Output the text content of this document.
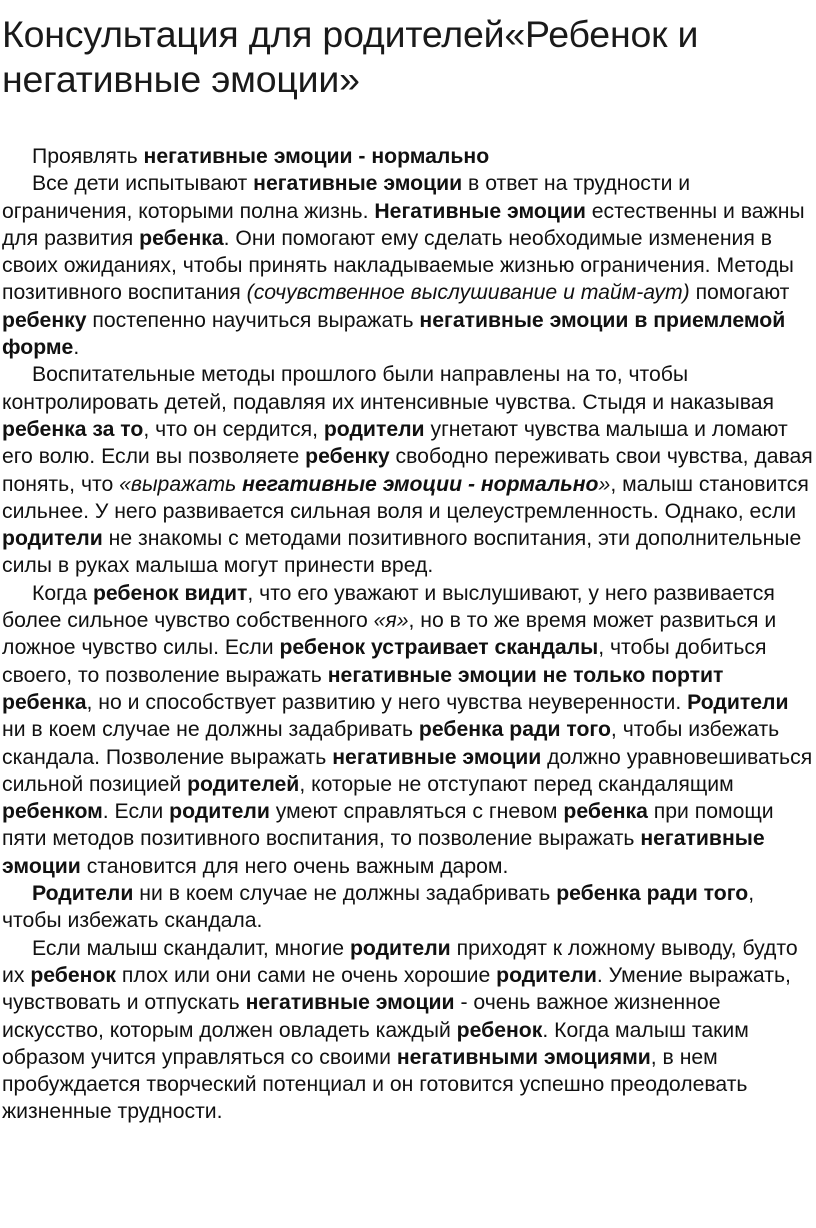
Консультация для родителей«Ребенок и негативные эмоции»

Проявлять негативные эмоции - нормально

Все дети испытывают негативные эмоции в ответ на трудности и ограничения, которыми полна жизнь. Негативные эмоции естественны и важны для развития ребенка. Они помогают ему сделать необходимые изменения в своих ожиданиях, чтобы принять накладываемые жизнью ограничения. Методы позитивного воспитания (сочувственное выслушивание и тайм-аут) помогают ребенку постепенно научиться выражать негативные эмоции в приемлемой форме.

Воспитательные методы прошлого были направлены на то, чтобы контролировать детей, подавляя их интенсивные чувства. Стыдя и наказывая ребенка за то, что он сердится, родители угнетают чувства малыша и ломают его волю. Если вы позволяете ребенку свободно переживать свои чувства, давая понять, что «выражать негативные эмоции - нормально», малыш становится сильнее. У него развивается сильная воля и целеустремленность. Однако, если родители не знакомы с методами позитивного воспитания, эти дополнительные силы в руках малыша могут принести вред.

Когда ребенок видит, что его уважают и выслушивают, у него развивается более сильное чувство собственного «я», но в то же время может развиться и ложное чувство силы. Если ребенок устраивает скандалы, чтобы добиться своего, то позволение выражать негативные эмоции не только портит ребенка, но и способствует развитию у него чувства неуверенности. Родители ни в коем случае не должны задабривать ребенка ради того, чтобы избежать скандала. Позволение выражать негативные эмоции должно уравновешиваться сильной позицией родителей, которые не отступают перед скандалящим ребенком. Если родители умеют справляться с гневом ребенка при помощи пяти методов позитивного воспитания, то позволение выражать негативные эмоции становится для него очень важным даром.

Родители ни в коем случае не должны задабривать ребенка ради того, чтобы избежать скандала.

Если малыш скандалит, многие родители приходят к ложному выводу, будто их ребенок плох или они сами не очень хорошие родители. Умение выражать, чувствовать и отпускать негативные эмоции - очень важное жизненное искусство, которым должен овладеть каждый ребенок. Когда малыш таким образом учится управляться со своими негативными эмоциями, в нем пробуждается творческий потенциал и он готовится успешно преодолевать жизненные трудности.
